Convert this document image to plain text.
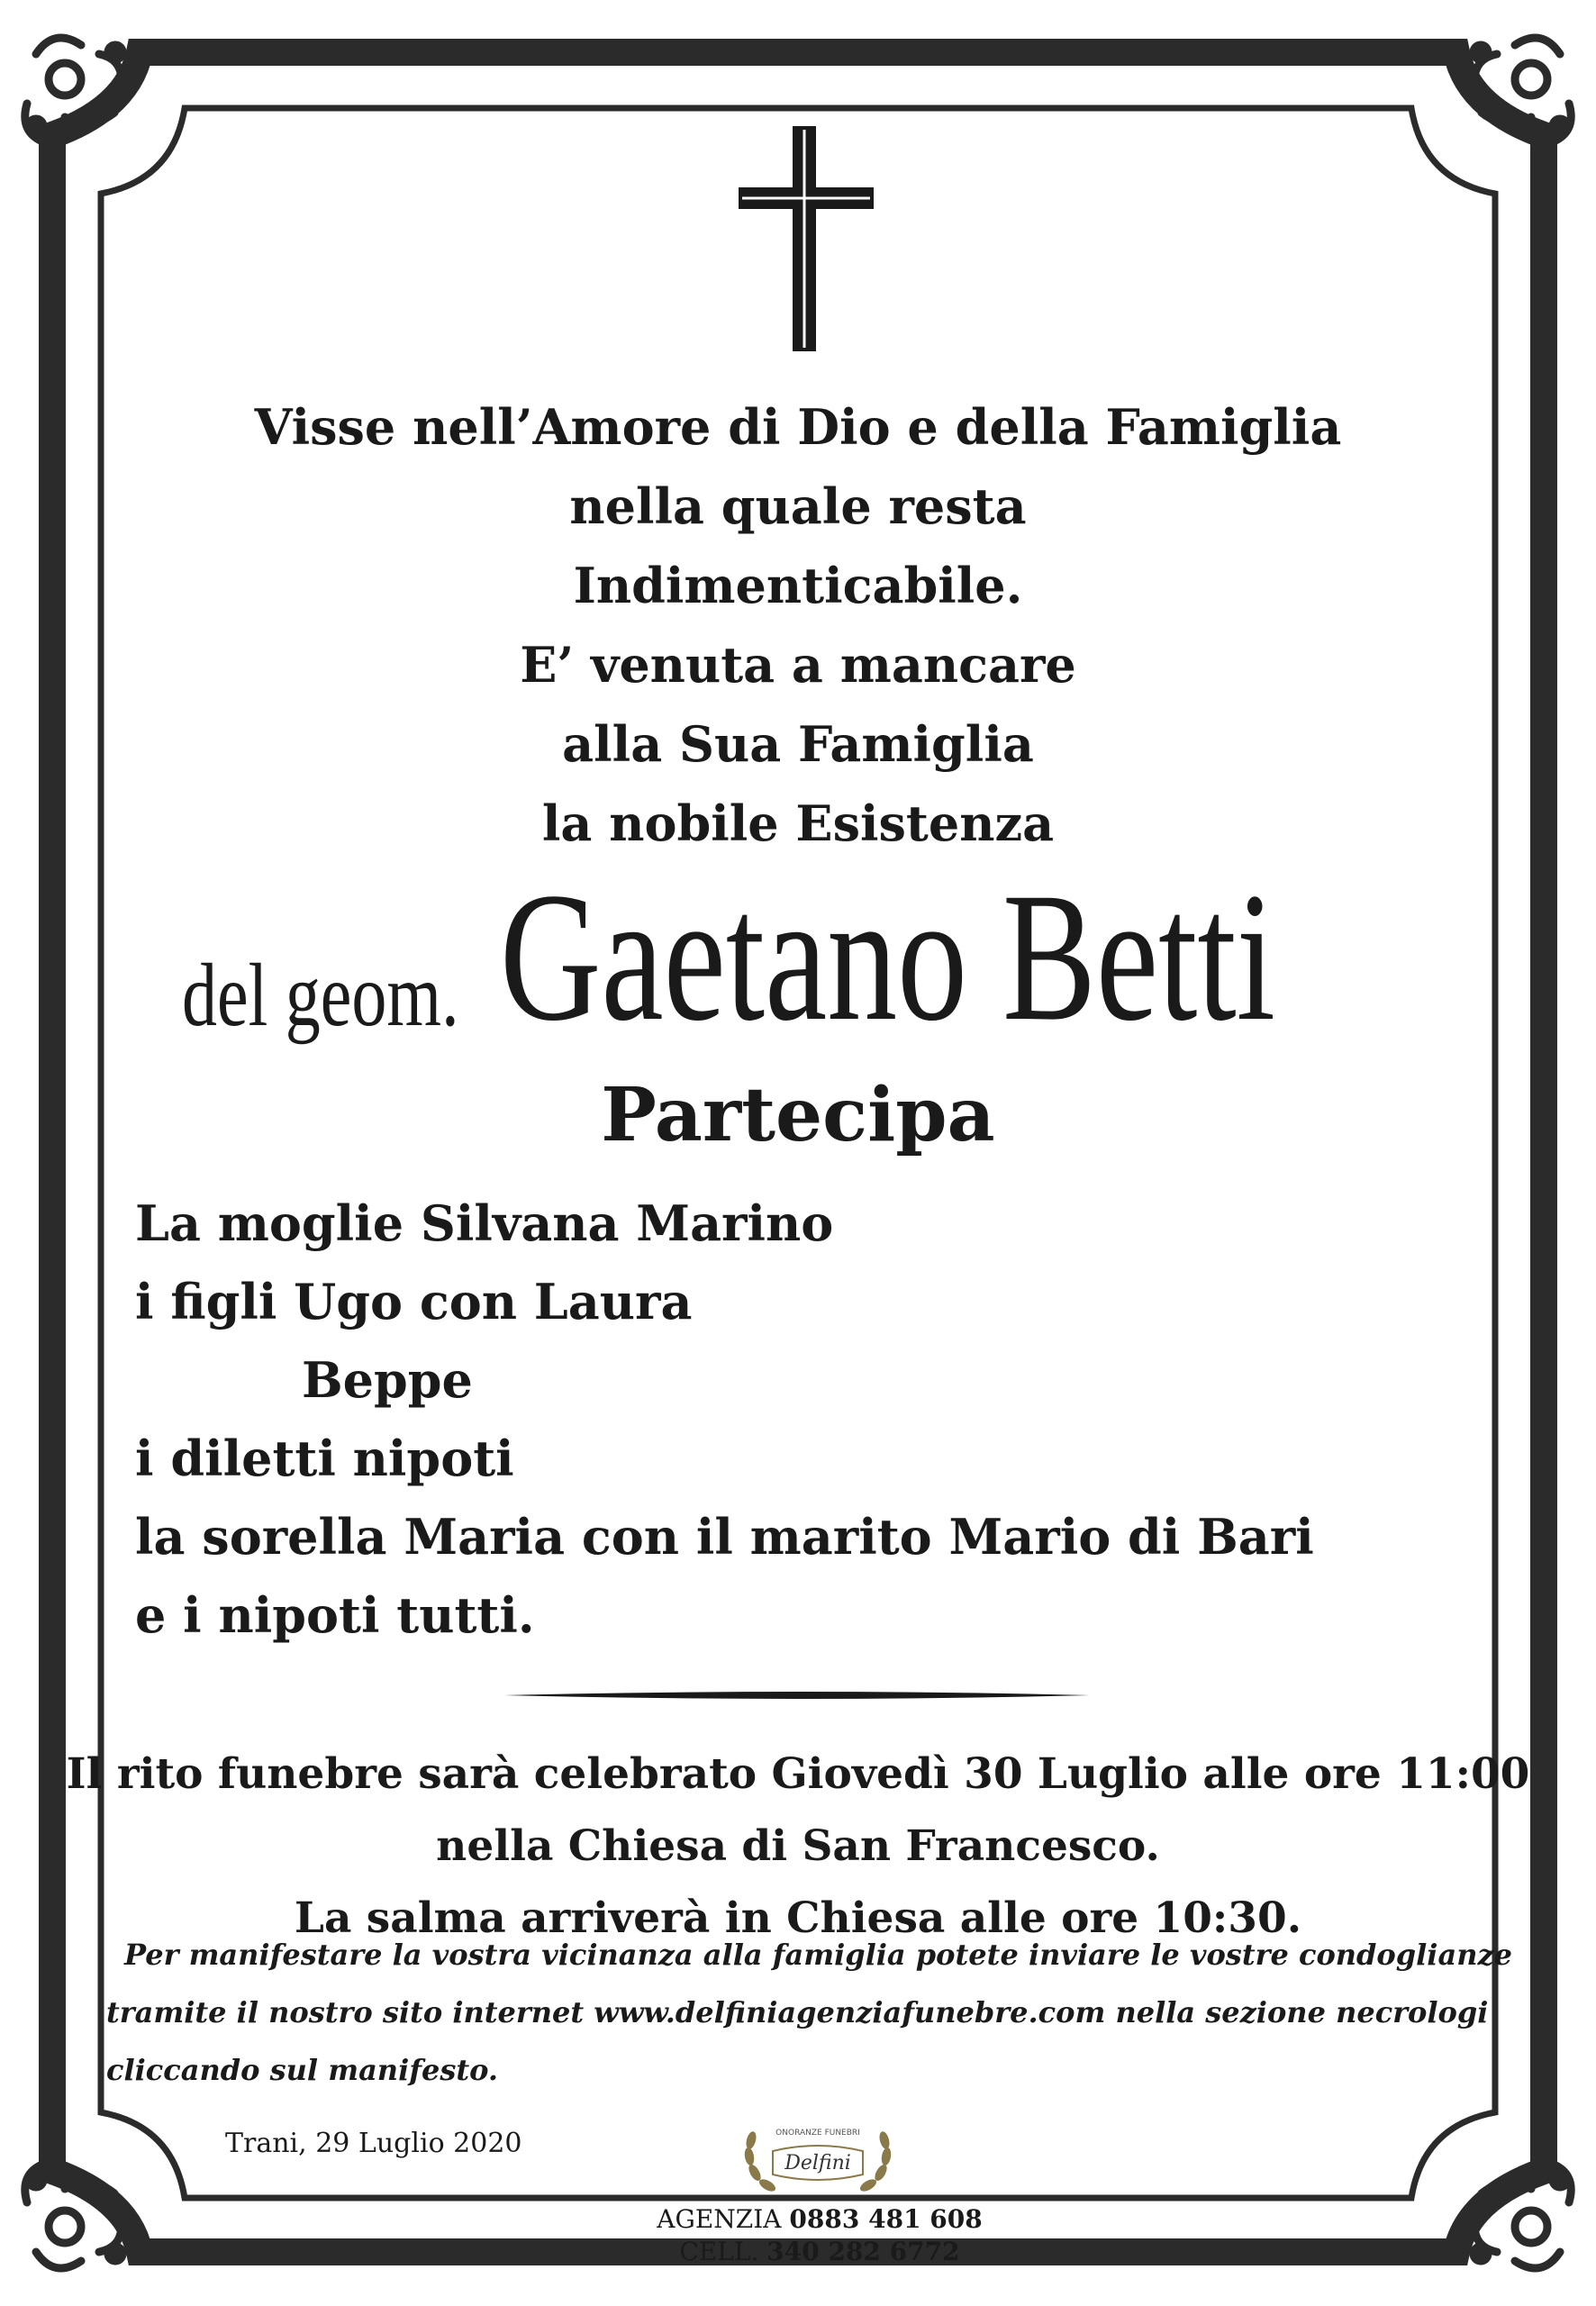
Visse nell’Amore di Dio e della Famiglia
nella quale resta
Indimenticabile.
E’ venuta a mancare
alla Sua Famiglia
la nobile Esistenza
del geom. Gaetano Betti
Partecipa
La moglie Silvana Marino
i figli Ugo con Laura
Beppe
i diletti nipoti
la sorella Maria con il marito Mario di Bari
e i nipoti tutti.
Il rito funebre sarà celebrato Giovedì 30 Luglio alle ore 11:00
nella Chiesa di San Francesco.
La salma arriverà in Chiesa alle ore 10:30.
Per manifestare la vostra vicinanza alla famiglia potete inviare le vostre condoglianze
tramite il nostro sito internet www.delfiniagenziafunebre.com nella sezione necrologi
cliccando sul manifesto.
Trani, 29 Luglio 2020	ONORANZE FUNEBRI
Delfini
AGENZIA 0883 481 608
CELL. 340 282 6772
